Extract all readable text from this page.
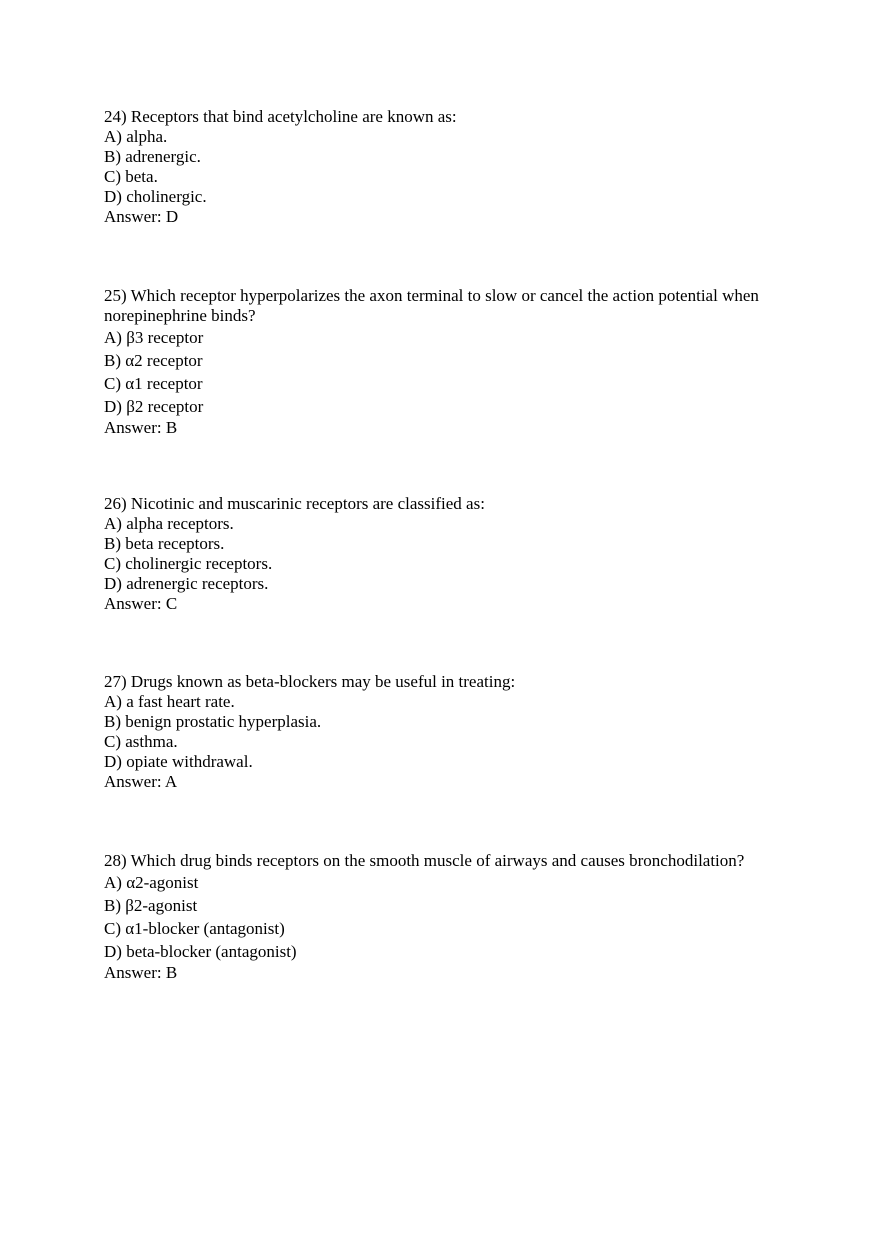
24) Receptors that bind acetylcholine are known as:
A) alpha.
B) adrenergic.
C) beta.
D) cholinergic.
Answer: D
25) Which receptor hyperpolarizes the axon terminal to slow or cancel the action potential when
norepinephrine binds?
A) β3 receptor
B) α2 receptor
C) α1 receptor
D) β2 receptor
Answer: B
26) Nicotinic and muscarinic receptors are classified as:
A) alpha receptors.
B) beta receptors.
C) cholinergic receptors.
D) adrenergic receptors.
Answer: C
27) Drugs known as beta-blockers may be useful in treating:
A) a fast heart rate.
B) benign prostatic hyperplasia.
C) asthma.
D) opiate withdrawal.
Answer: A
28) Which drug binds receptors on the smooth muscle of airways and causes bronchodilation?
A) α2-agonist
B) β2-agonist
C) α1-blocker (antagonist)
D) beta-blocker (antagonist)
Answer: B
